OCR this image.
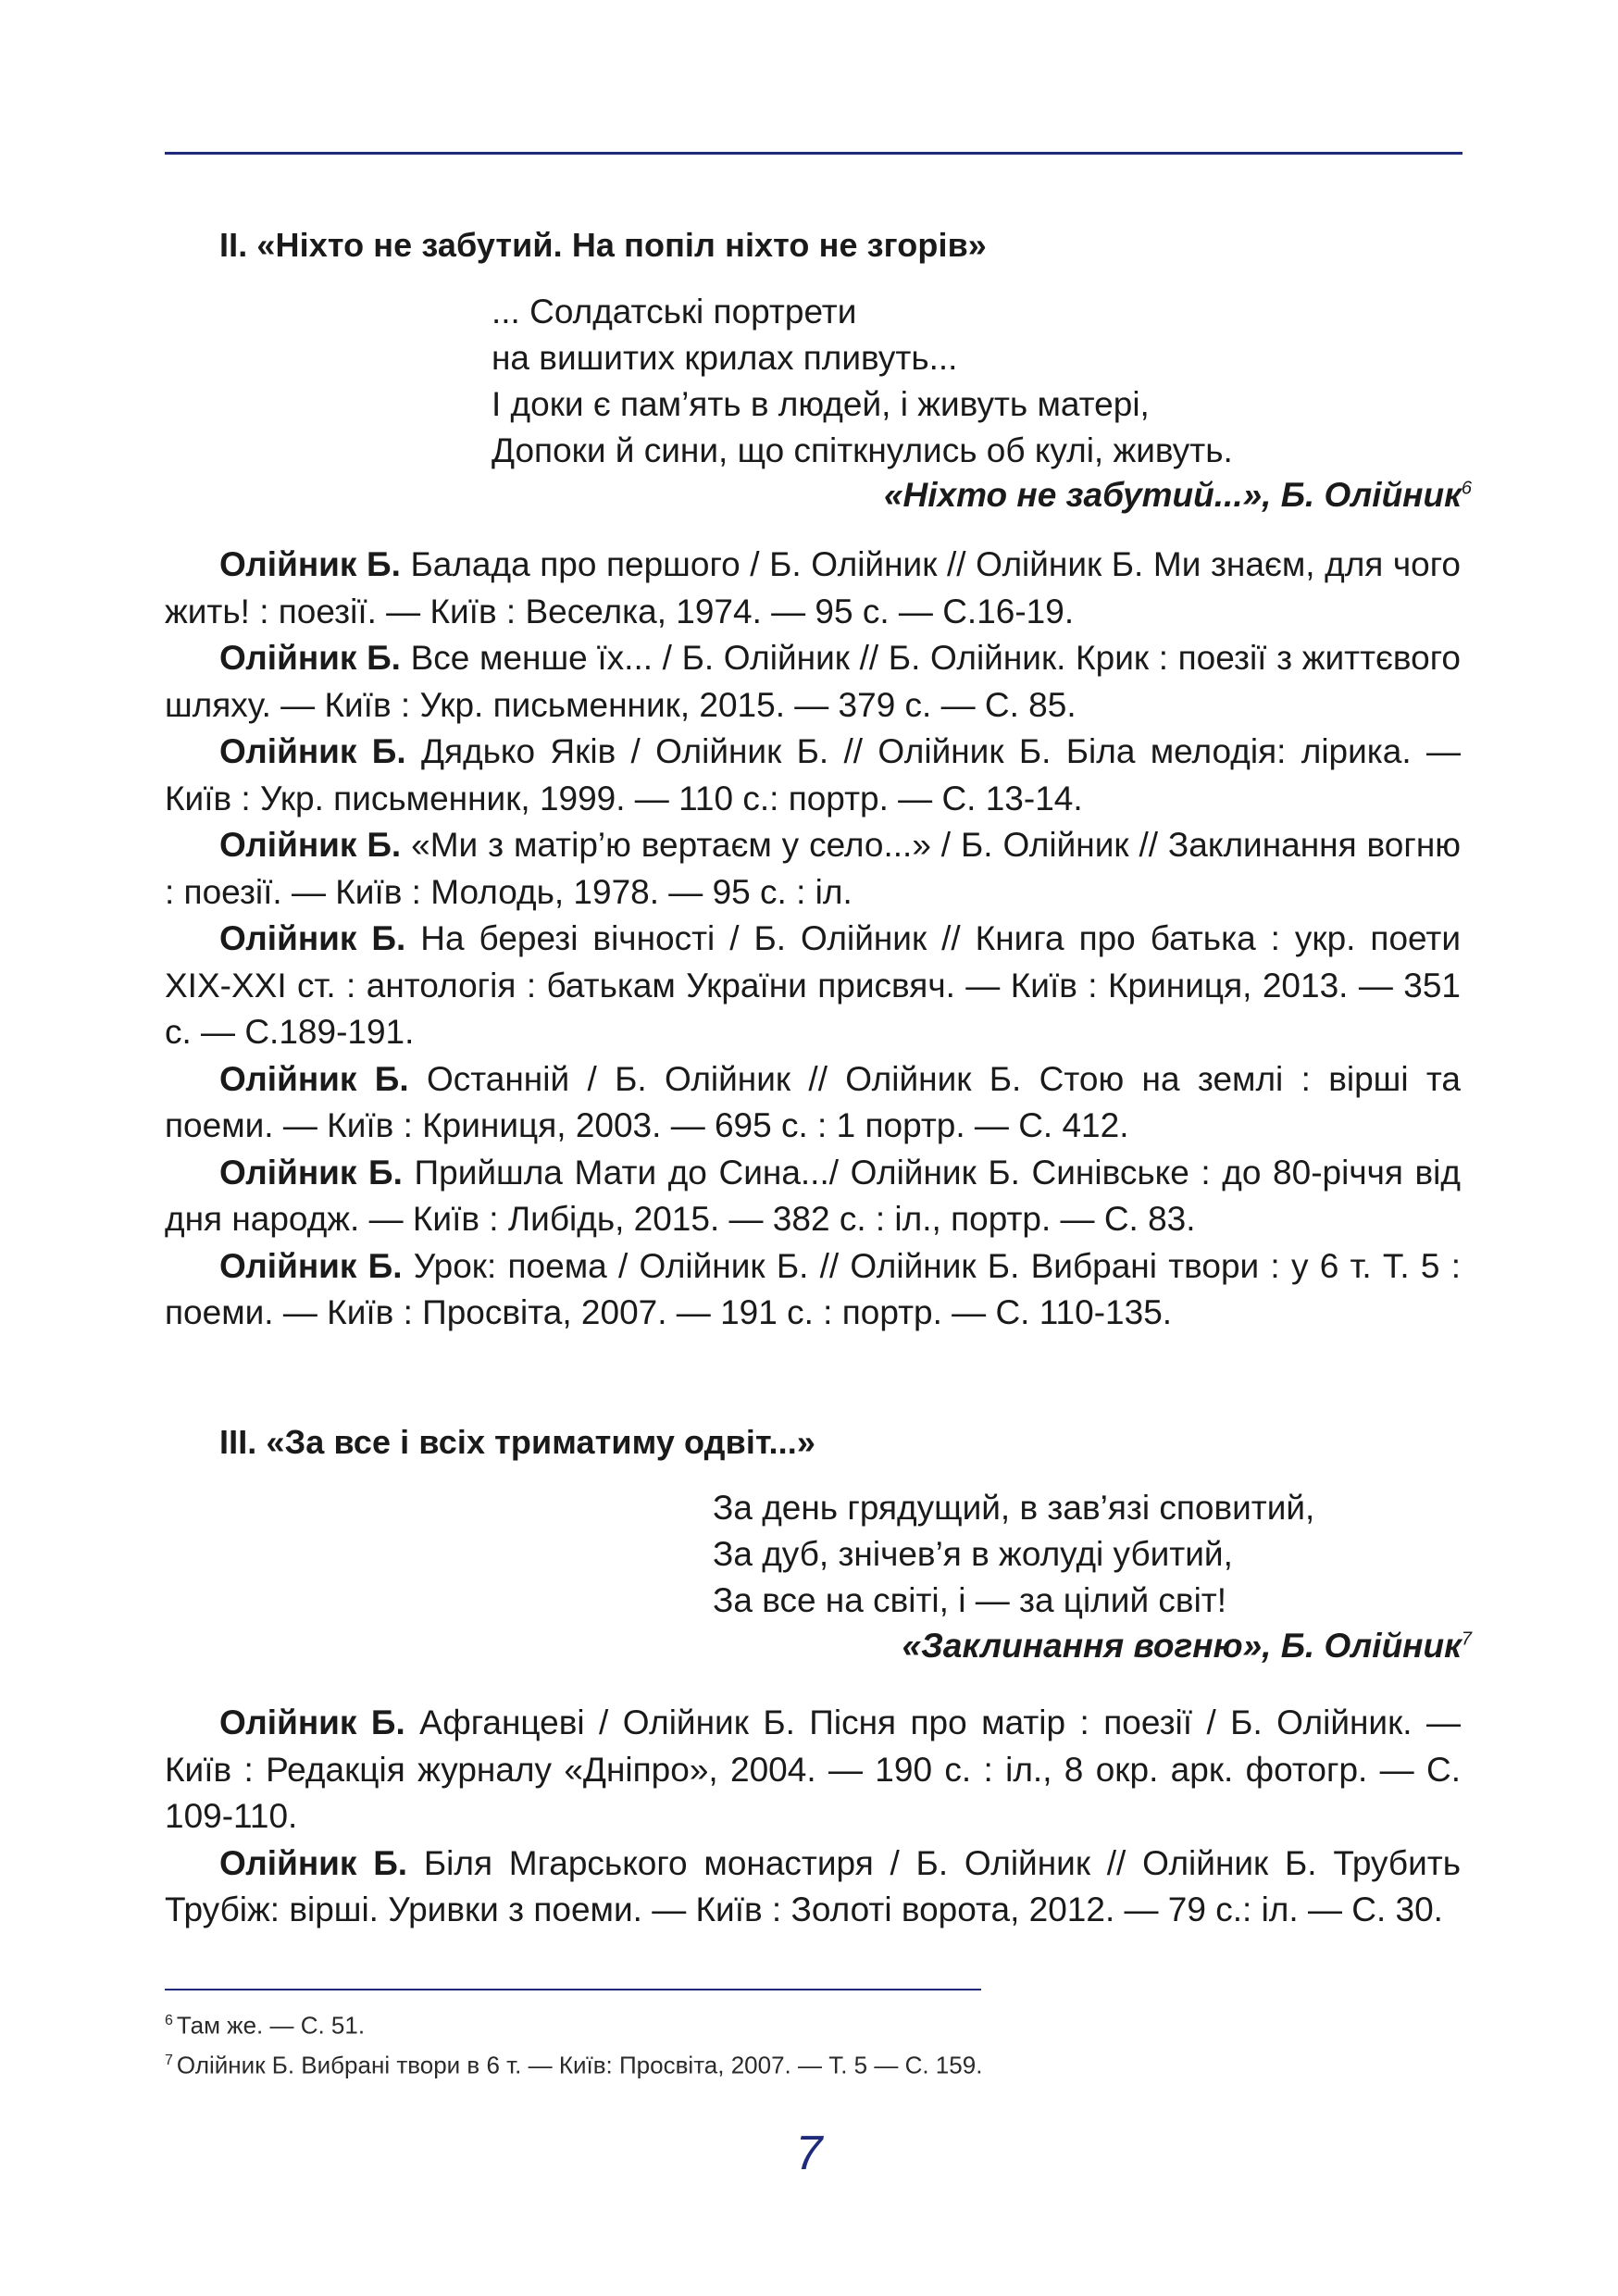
II. «Ніхто не забутий. На попіл ніхто не згорів»
... Солдатські портрети
на вишитих крилах пливуть...
І доки є пам’ять в людей, і живуть матері,
Допоки й сини, що спіткнулись об кулі, живуть.
«Ніхто не забутий...», Б. Олійник$^6$

Олійник Б. Балада про першого / Б. Олійник // Олійник Б. Ми знаєм, для чого жить! : поезії. — Київ : Веселка, 1974. — 95 с. — С.16-19.

Олійник Б. Все менше їх... / Б. Олійник // Б. Олійник. Крик : поезії з життєвого шляху. — Київ : Укр. письменник, 2015. — 379 с. — С. 85.

Олійник Б. Дядько Яків / Олійник Б. // Олійник Б. Біла мелодія: лірика. — Київ : Укр. письменник, 1999. — 110 с.: портр. — С. 13-14.

Олійник Б. «Ми з матір’ю вертаєм у село...» / Б. Олійник // Заклинання вогню : поезії. — Київ : Молодь, 1978. — 95 с. : іл.

Олійник Б. На березі вічності / Б. Олійник // Книга про батька : укр. поети XIX-XXI ст. : антологія : батькам України присвяч. — Київ : Криниця, 2013. — 351 с. — С.189-191.

Олійник Б. Останній / Б. Олійник // Олійник Б. Стою на землі : вірші та поеми. — Київ : Криниця, 2003. — 695 с. : 1 портр. — С. 412.

Олійник Б. Прийшла Мати до Сина.../ Олійник Б. Синівське : до 80-річчя від дня народж. — Київ : Либідь, 2015. — 382 с. : іл., портр. — С. 83.

Олійник Б. Урок: поема / Олійник Б. // Олійник Б. Вибрані твори : у 6 т. Т. 5 : поеми. — Київ : Просвіта, 2007. — 191 с. : портр. — С. 110-135.

III. «За все і всіх триматиму одвіт...»
За день грядущий, в зав’язі сповитий,
За дуб, знічев’я в жолуді убитий,
За все на світі, і — за цілий світ!
«Заклинання вогню», Б. Олійник$^7$

Олійник Б. Афганцеві / Олійник Б. Пісня про матір : поезії / Б. Олійник. — Київ : Редакція журналу «Дніпро», 2004. — 190 с. : іл., 8 окр. арк. фотогр. — С. 109-110.

Олійник Б. Біля Мгарського монастиря / Б. Олійник // Олійник Б. Трубить Трубіж: вірші. Уривки з поеми. — Київ : Золоті ворота, 2012. — 79 с.: іл. — С. 30.

$^6$ Там же. — С. 51.
$^7$ Олійник Б. Вибрані твори в 6 т. — Київ: Просвіта, 2007. — Т. 5 — С. 159.
7
